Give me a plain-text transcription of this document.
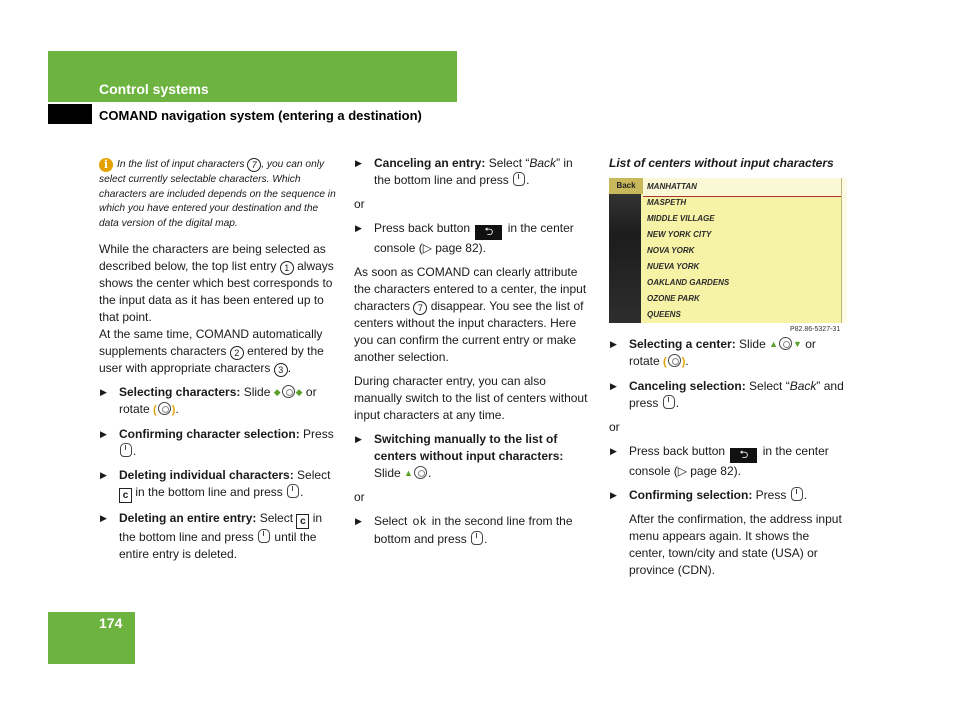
Control systems
COMAND navigation system (entering a destination)

i In the list of input characters 7 , you can only select currently selectable characters. Which characters are included depends on the sequence in which you have entered your destination and the data version of the digital map.

While the characters are being selected as described below, the top list entry 1 always shows the center which best corresponds to the input data as it has been entered up to that point.

At the same time, COMAND automatically supplements characters 2 entered by the user with appropriate characters 3 .

▶ Selecting characters: Slide ◆ ◆ or rotate ( ).
▶ Confirming character selection: Press .
▶ Deleting individual characters: Select c in the bottom line and press .
▶ Deleting an entire entry: Select c in the bottom line and press  until the entire entry is deleted.
▶ Canceling an entry: Select “Back” in the bottom line and press .

or

▶ Press back button ⮌ in the center console (▷ page 82).

As soon as COMAND can clearly attribute the characters entered to a center, the input characters 7 disappear. You see the list of centers without the input characters. Here you can confirm the current entry or make another selection.

During character entry, you can also manually switch to the list of centers without input characters at any time.

▶ Switching manually to the list of centers without input characters: Slide ▲ .

or

▶ Select ok in the second line from the bottom and press .
List of centers without input characters
Back	MANHATTAN
MASPETH
MIDDLE VILLAGE
NEW YORK CITY
NOVA YORK
NUEVA YORK
OAKLAND GARDENS
OZONE PARK
QUEENS
P82.86-5327-31
▶ Selecting a center: Slide ▲ ▼ or rotate ( ).
▶ Canceling selection: Select “Back” and press .

or

▶ Press back button ⮌ in the center console (▷ page 82).
▶ Confirming selection: Press .

After the confirmation, the address input menu appears again. It shows the center, town/city and state (USA) or province (CDN).

174
